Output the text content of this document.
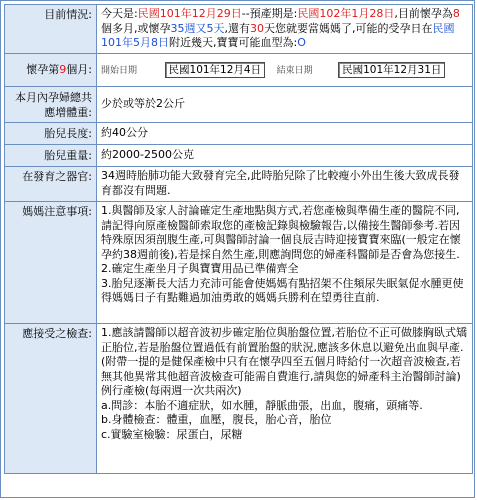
目前情況:	今天是:民國101年12月29日--預產期是:民國102年1月28日,目前懷孕為8個多月,或懷孕35週又5天,還有30天您就要當媽媽了,可能的受孕日在民國101年5月8日附近幾天,寶寶可能血型為:O
懷孕第9個月:	開始日期 民國101年12月4日 結束日期 民國101年12月31日
本月內孕婦總共應增體重:	少於或等於2公斤
胎兒長度:	約40公分
胎兒重量:	約2000-2500公克
在發育之器官:	34週時胎肺功能大致發育完全,此時胎兒除了比較瘦小外出生後大致成長發育都沒有問題.
媽媽注意事項:	1.與醫師及家人討論確定生產地點與方式,若您產檢與準備生產的醫院不同,請記得向原產檢醫師索取您的產檢記錄與檢驗報告,以備接生醫師參考.若因特殊原因須剖腹生產,可與醫師討論一個良辰吉時迎接寶寶來臨(一般定在懷孕約38週前後),若是採自然生產,則應詢問您的婦產科醫師是否會為您接生.
2.確定生產坐月子與寶寶用品已準備齊全
3.胎兒逐漸長大活力充沛可能會使媽媽有點招架不住頻尿失眠氣促水腫更使得媽媽日子有點難過加油勇敢的媽媽兵勝利在望勇往直前.

應接受之檢查:	1.應該請醫師以超音波初步確定胎位與胎盤位置,若胎位不正可做膝胸臥式矯正胎位,若是胎盤位置過低有前置胎盤的狀況,應該多休息以避免出血與早產.(附帶一提的是健保產檢中只有在懷孕四至五個月時給付一次超音波檢查,若無其他異常其他超音波檢查可能需自費進行,請與您的婦產科主治醫師討論)
例行產檢(每兩週一次共兩次)
a.問診：本胎不適症狀，如水腫，靜脈曲張，出血，腹痛，頭痛等.
b.身體檢查：體重，血壓，腹長，胎心音，胎位
c.實驗室檢驗：尿蛋白，尿糖
